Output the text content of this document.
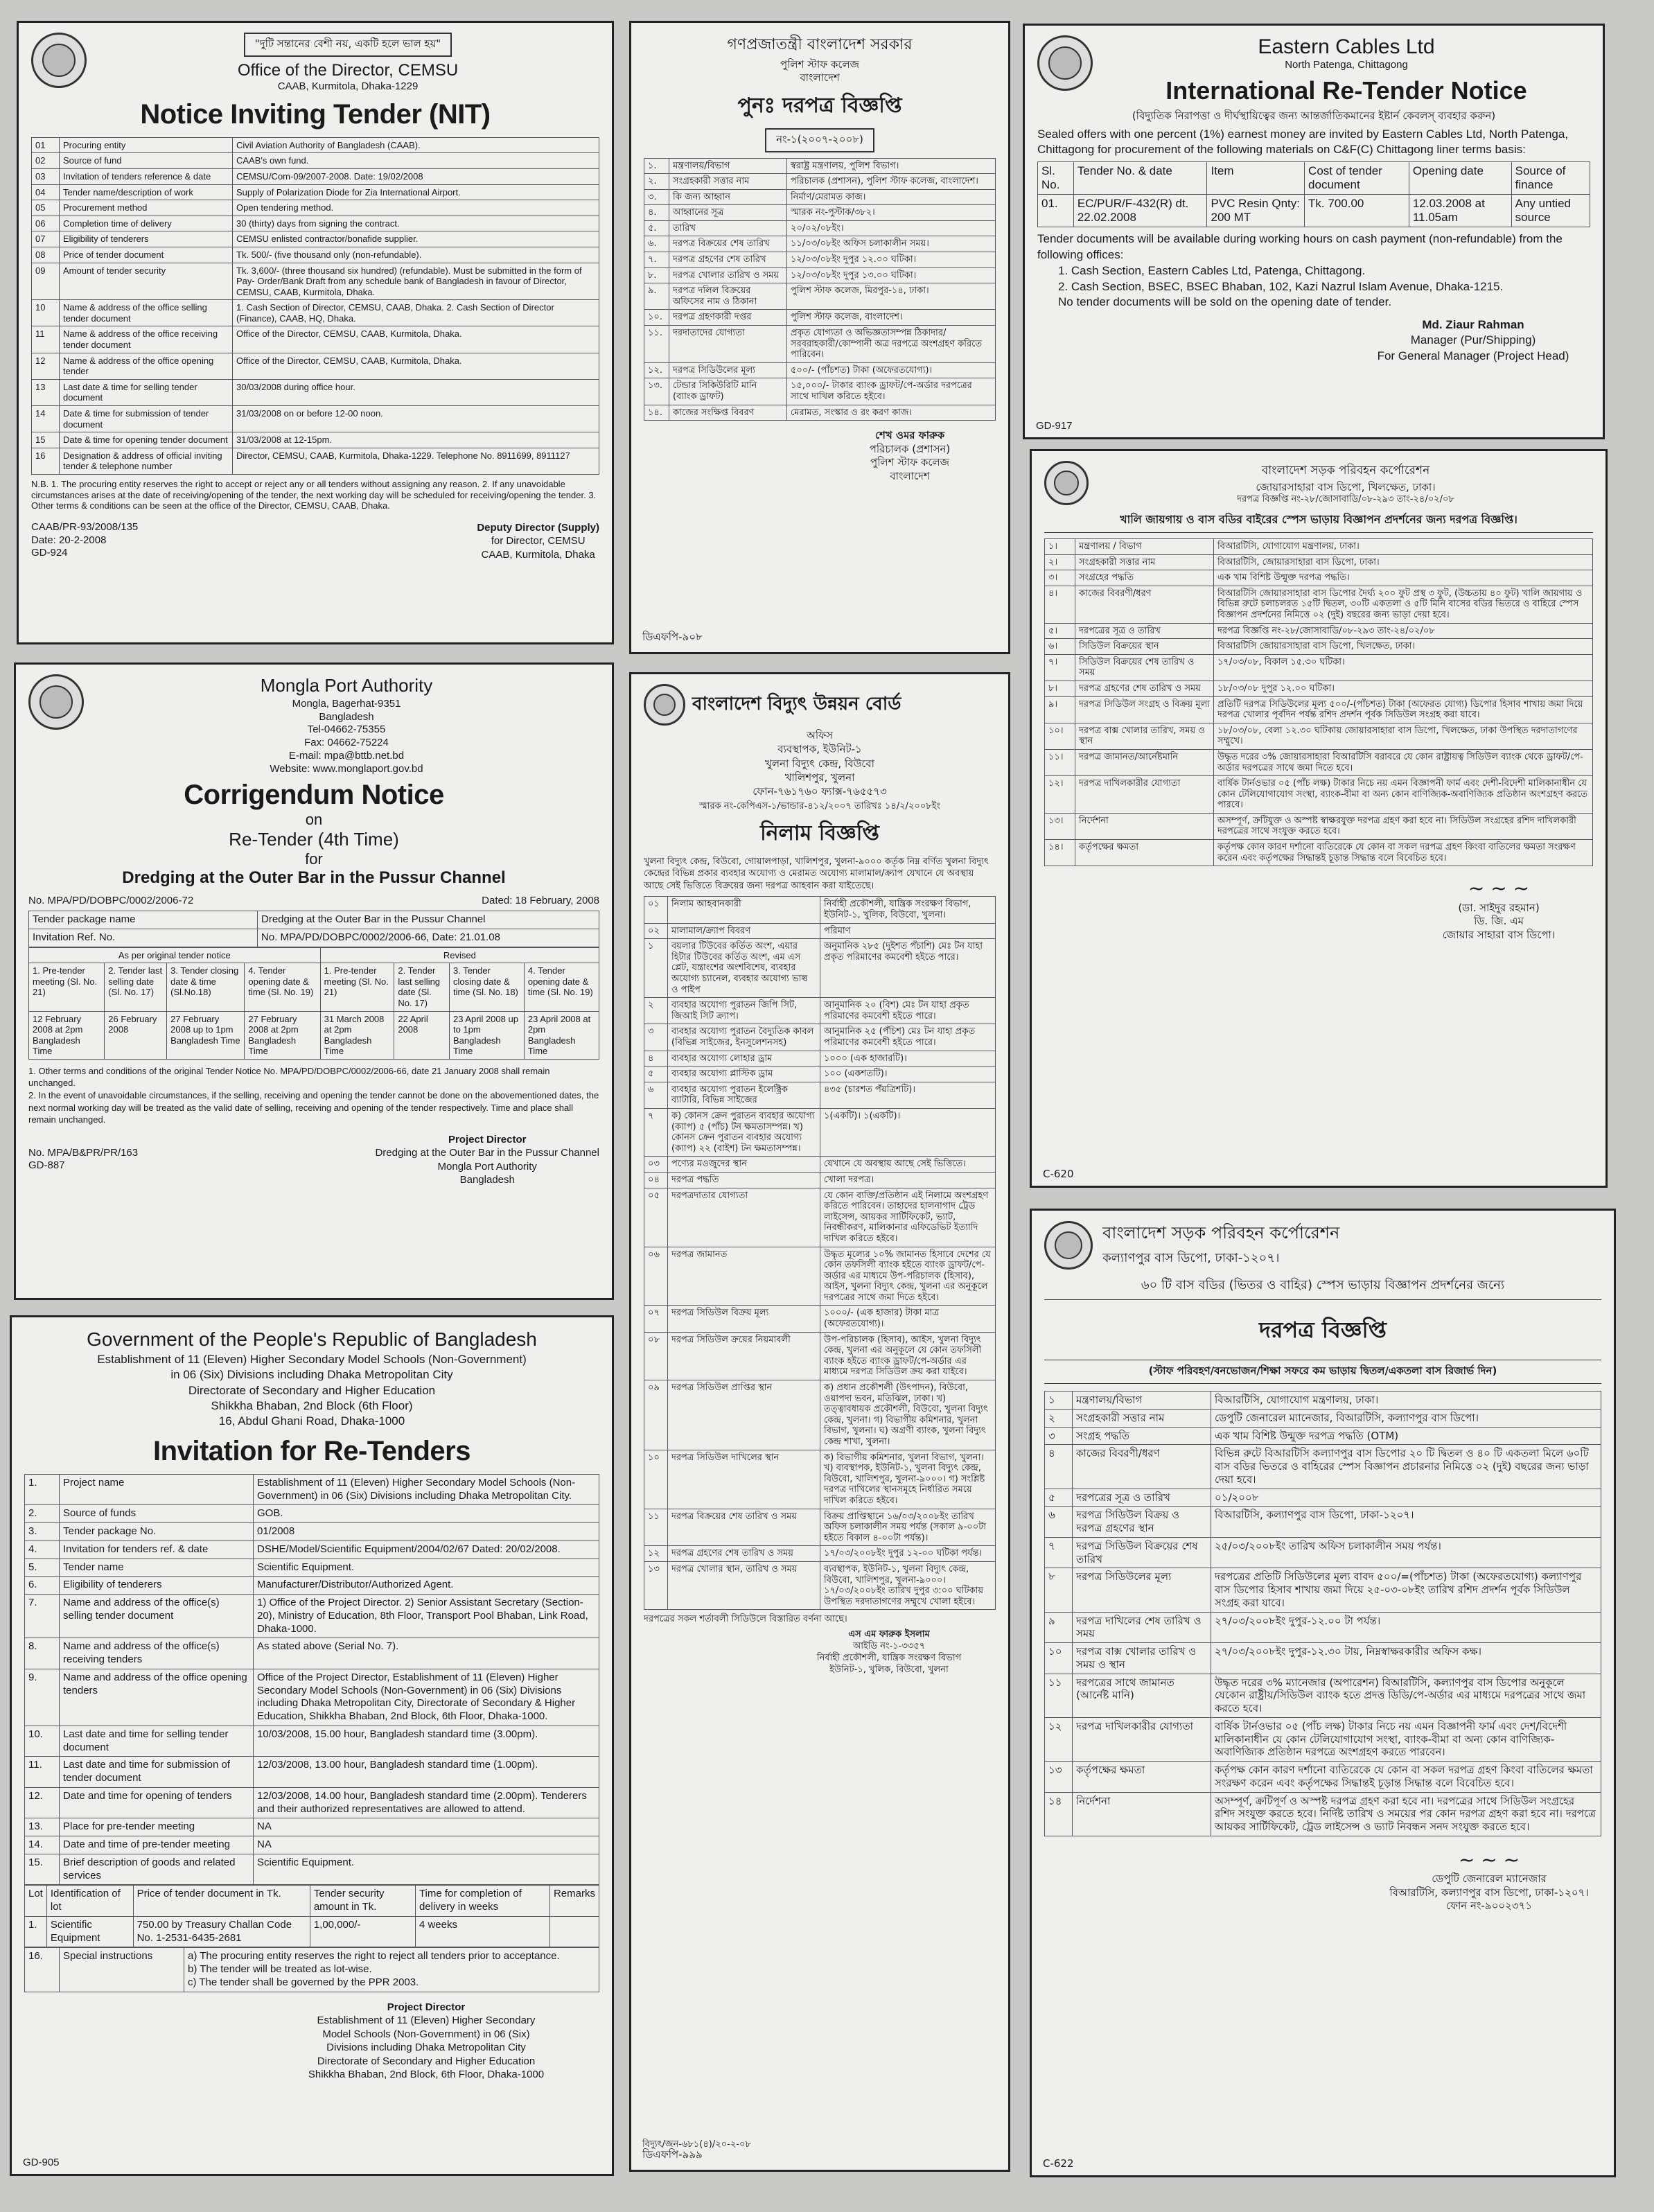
"দুটি সন্তানের বেশী নয়, একটি হলে ভাল হয়"
Office of the Director, CEMSU
CAAB, Kurmitola, Dhaka-1229
Notice Inviting Tender (NIT)
01	Procuring entity	Civil Aviation Authority of Bangladesh (CAAB).
02	Source of fund	CAAB's own fund.
03	Invitation of tenders reference & date	CEMSU/Com-09/2007-2008. Date: 19/02/2008
04	Tender name/description of work	Supply of Polarization Diode for Zia International Airport.
05	Procurement method	Open tendering method.
06	Completion time of delivery	30 (thirty) days from signing the contract.
07	Eligibility of tenderers	CEMSU enlisted contractor/bonafide supplier.
08	Price of tender document	Tk. 500/- (five thousand only (non-refundable).
09	Amount of tender security	Tk. 3,600/- (three thousand six hundred) (refundable). Must be submitted in the form of Pay- Order/Bank Draft from any schedule bank of Bangladesh in favour of Director, CEMSU, CAAB, Kurmitola, Dhaka.
10	Name & address of the office selling tender document	1. Cash Section of Director, CEMSU, CAAB, Dhaka. 2. Cash Section of Director (Finance), CAAB, HQ, Dhaka.
11	Name & address of the office receiving tender document	Office of the Director, CEMSU, CAAB, Kurmitola, Dhaka.
12	Name & address of the office opening tender	Office of the Director, CEMSU, CAAB, Kurmitola, Dhaka.
13	Last date & time for selling tender document	30/03/2008 during office hour.
14	Date & time for submission of tender document	31/03/2008 on or before 12-00 noon.
15	Date & time for opening tender document	31/03/2008 at 12-15pm.
16	Designation & address of official inviting tender & telephone number	Director, CEMSU, CAAB, Kurmitola, Dhaka-1229. Telephone No. 8911699, 8911127
N.B. 1. The procuring entity reserves the right to accept or reject any or all tenders without assigning any reason. 2. If any unavoidable circumstances arises at the date of receiving/opening of the tender, the next working day will be scheduled for receiving/opening the tender. 3. Other terms & conditions can be seen at the office of the Director, CEMSU, CAAB, Dhaka.
CAAB/PR-93/2008/135
Date: 20-2-2008
GD-924
Deputy Director (Supply)
for Director, CEMSU
CAAB, Kurmitola, Dhaka
গণপ্রজাতন্ত্রী বাংলাদেশ সরকার
পুলিশ স্টাফ কলেজ
বাংলাদেশ
পুনঃ দরপত্র বিজ্ঞপ্তি
নং-১(২০০৭-২০০৮)
১.	মন্ত্রণালয়/বিভাগ	স্বরাষ্ট্র মন্ত্রণালয়, পুলিশ বিভাগ।
২.	সংগ্রহকারী সত্তার নাম	পরিচালক (প্রশাসন), পুলিশ স্টাফ কলেজ, বাংলাদেশ।
৩.	কি জন্য আহ্বান	নির্মাণ/মেরামত কাজ।
৪.	আহ্বানের সূত্র	স্মারক নং-পুস্টাক/৩৮২।
৫.	তারিখ	২০/০২/০৮ইং।
৬.	দরপত্র বিক্রয়ের শেষ তারিখ	১১/০৩/০৮ইং অফিস চলাকালীন সময়।
৭.	দরপত্র গ্রহণের শেষ তারিখ	১২/০৩/০৮ইং দুপুর ১২.০০ ঘটিকা।
৮.	দরপত্র খোলার তারিখ ও সময়	১২/০৩/০৮ইং দুপুর ১৩.০০ ঘটিকা।
৯.	দরপত্র দলিল বিক্রয়ের অফিসের নাম ও ঠিকানা	পুলিশ স্টাফ কলেজ, মিরপুর-১৪, ঢাকা।
১০.	দরপত্র গ্রহণকারী দপ্তর	পুলিশ স্টাফ কলেজ, বাংলাদেশ।
১১.	দরদাতাদের যোগ্যতা	প্রকৃত যোগ্যতা ও অভিজ্ঞতাসম্পন্ন ঠিকাদার/সরবরাহকারী/কোম্পানী অত্র দরপত্রে অংশগ্রহণ করিতে পারিবেন।
১২.	দরপত্র সিডিউলের মূল্য	৫০০/- (পাঁচশত) টাকা (অফেরতযোগ্য)।
১৩.	টেন্ডার সিকিউরিটি মানি (ব্যাংক ড্রাফট)	১৫,০০০/- টাকার ব্যাংক ড্রাফট/পে-অর্ডার দরপত্রের সাথে দাখিল করিতে হইবে।
১৪.	কাজের সংক্ষিপ্ত বিবরণ	মেরামত, সংস্কার ও রং করণ কাজ।
শেখ ওমর ফারুক
পরিচালক (প্রশাসন)
পুলিশ স্টাফ কলেজ
বাংলাদেশ
ডিএফপি-৯০৮
Eastern Cables Ltd
North Patenga, Chittagong
International Re-Tender Notice
(বিদ্যুতিক নিরাপত্তা ও দীর্ঘস্থায়িত্বের জন্য আন্তর্জাতিকমানের ইষ্টার্ন কেবলস্ ব্যবহার করুন)
Sealed offers with one percent (1%) earnest money are invited by Eastern Cables Ltd, North Patenga, Chittagong for procurement of the following materials on C&F(C) Chittagong liner terms basis:
Sl. No.	Tender No. & date	Item	Cost of tender document	Opening date	Source of finance
01.	EC/PUR/F-432(R) dt. 22.02.2008	PVC Resin Qnty: 200 MT	Tk. 700.00	12.03.2008 at 11.05am	Any untied source
Tender documents will be available during working hours on cash payment (non-refundable) from the following offices:
1. Cash Section, Eastern Cables Ltd, Patenga, Chittagong.
2. Cash Section, BSEC, BSEC Bhaban, 102, Kazi Nazrul Islam Avenue, Dhaka-1215.
No tender documents will be sold on the opening date of tender.
Md. Ziaur Rahman
Manager (Pur/Shipping)
For General Manager (Project Head)
GD-917
বাংলাদেশ সড়ক পরিবহন কর্পোরেশন
জোয়ারসাহারা বাস ডিপো, খিলক্ষেত, ঢাকা।
দরপত্র বিজ্ঞপ্তি নং-২৮/জোসাবাডি/০৮-২৯৩ তাং-২৪/০২/০৮
খালি জায়গায় ও বাস বডির বাইরের স্পেস ভাড়ায় বিজ্ঞাপন প্রদর্শনের জন্য দরপত্র বিজ্ঞপ্তি।
১।	মন্ত্রণালয় / বিভাগ	বিআরটিসি, যোগাযোগ মন্ত্রণালয়, ঢাকা।
২।	সংগ্রহকারী সত্তার নাম	বিআরটিসি, জোয়ারসাহারা বাস ডিপো, ঢাকা।
৩।	সংগ্রহের পদ্ধতি	এক খাম বিশিষ্ট উন্মুক্ত দরপত্র পদ্ধতি।
৪।	কাজের বিবরণী/ধরণ	বিআরটিসি জোয়ারসাহারা বাস ডিপোর দৈর্ঘ্য ২০০ ফুট প্রস্থ ৩ ফুট, (উচ্চতায় ৪০ ফুট) খালি জায়গায় ও বিভিন্ন রুটে চলাচলরত ১৫টি দ্বিতল, ৩০টি একতলা ও ৫টি মিনি বাসের বডির ভিতরে ও বাহিরে স্পেস বিজ্ঞাপন প্রদর্শনের নিমিত্তে ০২ (দুই) বছরের জন্য ভাড়া দেয়া হবে।
৫।	দরপত্রের সূত্র ও তারিখ	দরপত্র বিজ্ঞপ্তি নং-২৮/জোসাবাডি/০৮-২৯৩ তাং-২৪/০২/০৮
৬।	সিডিউল বিক্রয়ের স্থান	বিআরটিসি জোয়ারসাহারা বাস ডিপো, খিলক্ষেত, ঢাকা।
৭।	সিডিউল বিক্রয়ের শেষ তারিখ ও সময়	১৭/০৩/০৮, বিকাল ১৫.৩০ ঘটিকা।
৮।	দরপত্র গ্রহণের শেষ তারিখ ও সময়	১৮/০৩/০৮ দুপুর ১২.০০ ঘটিকা।
৯।	দরপত্র সিডিউল সংগ্রহ ও বিক্রয় মূল্য	প্রতিটি দরপত্র সিডিউলের মূল্য ৫০০/-(পাঁচশত) টাকা (অফেরত যোগ্য) ডিপোর হিসাব শাখায় জমা দিয়ে দরপত্র খোলার পূর্বদিন পর্যন্ত রশিদ প্রদর্শন পূর্বক সিডিউল সংগ্রহ করা যাবে।
১০।	দরপত্র বাক্স খোলার তারিখ, সময় ও স্থান	১৮/০৩/০৮, বেলা ১২.৩০ ঘটিকায় জোয়ারসাহারা বাস ডিপো, খিলক্ষেত, ঢাকা উপস্থিত দরদাতাগণের সম্মুখে।
১১।	দরপত্র জামানত/আর্নেষ্টমানি	উদ্ধৃত দরের ৩% জোয়ারসাহারা বিআরটিসি বরাবরে যে কোন রাষ্ট্রায়ত্ব সিডিউল ব্যাংক থেকে ড্রাফট/পে-অর্ডার দরপত্রের সাথে জমা দিতে হবে।
১২।	দরপত্র দাখিলকারীর যোগ্যতা	বার্ষিক টার্নওভার ০৫ (পাঁচ লক্ষ) টাকার নিচে নয় এমন বিজ্ঞাপনী ফার্ম এবং দেশী-বিদেশী মালিকানাধীন যে কোন টেলিযোগাযোগ সংস্থা, ব্যাংক-বীমা বা অন্য কোন বাণিজ্যিক-অবাণিজ্যিক প্রতিষ্ঠান অংশগ্রহণ করতে পারবে।
১৩।	নির্দেশনা	অসম্পূর্ণ, ক্রটিযুক্ত ও অস্পষ্ট স্বাক্ষরযুক্ত দরপত্র গ্রহণ করা হবে না। সিডিউল সংগ্রহের রশিদ দাখিলকারী দরপত্রের সাথে সংযুক্ত করতে হবে।
১৪।	কর্তৃপক্ষের ক্ষমতা	কর্তৃপক্ষ কোন কারণ দর্শানো ব্যতিরেকে যে কোন বা সকল দরপত্র গ্রহণ কিংবা বাতিলের ক্ষমতা সংরক্ষণ করেন এবং কর্তৃপক্ষের সিদ্ধান্তই চূড়ান্ত সিদ্ধান্ত বলে বিবেচিত হবে।
~ ~ ~
(ডা. সাইদুর রহমান)
ডি. জি. এম
জোয়ার সাহারা বাস ডিপো।
C-620
Mongla Port Authority
Mongla, Bagerhat-9351
Bangladesh
Tel-04662-75355
Fax: 04662-75224
E-mail: mpa@bttb.net.bd
Website: www.monglaport.gov.bd
Corrigendum Notice
on
Re-Tender (4th Time)
for
Dredging at the Outer Bar in the Pussur Channel
No. MPA/PD/DOBPC/0002/2006-72	Dated: 18 February, 2008
Tender package name	Dredging at the Outer Bar in the Pussur Channel
Invitation Ref. No.	No. MPA/PD/DOBPC/0002/2006-66, Date: 21.01.08
As per original tender notice				Revised			
1. Pre-tender meeting (Sl. No. 21)	2. Tender last selling date (Sl. No. 17)	3. Tender closing date & time (Sl.No.18)	4. Tender opening date & time (Sl. No. 19)	1. Pre-tender meeting (Sl. No. 21)	2. Tender last selling date (Sl. No. 17)	3. Tender closing date & time (Sl. No. 18)	4. Tender opening date & time (Sl. No. 19)
12 February 2008 at 2pm Bangladesh Time	26 February 2008	27 February 2008 up to 1pm Bangladesh Time	27 February 2008 at 2pm Bangladesh Time	31 March 2008 at 2pm Bangladesh Time	22 April 2008	23 April 2008 up to 1pm Bangladesh Time	23 April 2008 at 2pm Bangladesh Time
1. Other terms and conditions of the original Tender Notice No. MPA/PD/DOBPC/0002/2006-66, date 21 January 2008 shall remain unchanged.
2. In the event of unavoidable circumstances, if the selling, receiving and opening the tender cannot be done on the abovementioned dates, the next normal working day will be treated as the valid date of selling, receiving and opening of the tender respectively. Time and place shall remain unchanged.
No. MPA/B&PR/PR/163
GD-887
Project Director
Dredging at the Outer Bar in the Pussur Channel
Mongla Port Authority
Bangladesh
বাংলাদেশ বিদ্যুৎ উন্নয়ন বোর্ড
অফিস
ব্যবস্থাপক, ইউনিট-১
খুলনা বিদ্যুৎ কেন্দ্র, বিউবো
খালিশপুর, খুলনা
ফোন-৭৬১৭৬০ ফ্যাক্স-৭৬৫৫৭৩
স্মারক নং-কেপিএস-১/ভান্ডার-৪১২/২০০৭ তারিখঃ ১৪/২/২০০৮ইং
নিলাম বিজ্ঞপ্তি
খুলনা বিদ্যুৎ কেন্দ্র, বিউবো, গোয়ালপাড়া, খালিশপুর, খুলনা-৯০০০ কর্তৃক নিম্ন বর্ণিত খুলনা বিদ্যুৎ কেন্দ্রের বিভিন্ন প্রকার ব্যবহার অযোগ্য ও মেরামত অযোগ্য মালামাল/ক্র্যাপ যেখানে যে অবস্থায় আছে সেই ভিত্তিতে বিক্রয়ের জন্য দরপত্র আহবান করা যাইতেছে।
০১	নিলাম আহবানকারী	নির্বাহী প্রকৌশলী, যান্ত্রিক সংরক্ষণ বিভাগ, ইউনিট-১, খুলিক, বিউবো, খুলনা।
০২	মালামাল/ক্র্যাপ বিবরণ	পরিমাণ
১	বয়লার টিউবের কর্তিত অংশ, এয়ার হিটার টিউবের কর্তিত অংশ, এম এস প্লেট, যন্ত্রাংশের অংশবিশেষ, ব্যবহার অযোগ্য চ্যানেল, ব্যবহার অযোগ্য ভাল্ব ও পাইপ	অনুমানিক ২৮৫ (দুইশত পঁচাশি) মেঃ টন যাহা প্রকৃত পরিমাণের কমবেশী হইতে পারে।
২	ব্যবহার অযোগ্য পুরাতন জিপি সিট, জিআই সিট ক্র্যাপ।	আনুমানিক ২০ (বিশ) মেঃ টন যাহা প্রকৃত পরিমাণের কমবেশী হইতে পারে।
৩	ব্যবহার অযোগ্য পুরাতন বৈদ্যুতিক কাবল (বিভিন্ন সাইজের, ইনসুলেশনসহ)	আনুমানিক ২৫ (পঁচিশ) মেঃ টন যাহা প্রকৃত পরিমাণের কমবেশী হইতে পারে।
৪	ব্যবহার অযোগ্য লোহার ড্রাম	১০০০ (এক হাজারটি)।
৫	ব্যবহার অযোগ্য প্লাস্টিক ড্রাম	১০০ (একশতটি)।
৬	ব্যবহার অযোগ্য পুরাতন ইলেক্ট্রিক ব্যাটারি, বিভিন্ন সাইজের	৪৩৫ (চারশত পঁয়ত্রিশটি)।
৭	ক) কোনস ক্রেন পুরাতন ব্যবহার অযোগ্য (ক্যাপ) ৫ (পাঁচ) টন ক্ষমতাসম্পন্ন। খ) কোনস ক্রেন পুরাতন ব্যবহার অযোগ্য (ক্যাপ) ২২ (বাইশ) টন ক্ষমতাসম্পন্ন।	১(একটি)। ১(একটি)।
০৩	পণ্যের মওজুদের স্থান	যেখানে যে অবস্থায় আছে সেই ভিত্তিতে।
০৪	দরপত্র পদ্ধতি	খোলা দরপত্র।
০৫	দরপত্রদাতার যোগ্যতা	যে কোন ব্যক্তি/প্রতিষ্ঠান এই নিলামে অংশগ্রহণ করিতে পারিবেন। তাহাদের হালনাগাদ ট্রেড লাইসেন্স, আয়কর সার্টিফিকেট, ভ্যাট, নিবন্ধীকরণ, মালিকানার এফিডেভিট ইত্যাদি দাখিল করিতে হইবে।
০৬	দরপত্র জামানত	উদ্ধৃত মূল্যের ১০% জামানত হিসাবে দেশের যে কোন তফসিলী ব্যাংক হইতে ব্যাংক ড্রাফট/পে-অর্ডার এর মাধ্যমে উপ-পরিচালক (হিসাব), আইস, খুলনা বিদ্যুৎ কেন্দ্র, খুলনা এর অনুকূলে দরপত্রের সাথে জমা দিতে হইবে।
০৭	দরপত্র সিডিউল বিক্রয় মূল্য	১০০০/- (এক হাজার) টাকা মাত্র (অফেরতযোগ্য)।
০৮	দরপত্র সিডিউল ক্রয়ের নিয়মাবলী	উপ-পরিচালক (হিসাব), আইস, খুলনা বিদ্যুৎ কেন্দ্র, খুলনা এর অনুকূলে যে কোন তফসিলী ব্যাংক হইতে ব্যাংক ড্রাফট/পে-অর্ডার এর মাধ্যমে দরপত্র সিডিউল ক্রয় করা যাইবে।
০৯	দরপত্র সিডিউল প্রাপ্তির স্থান	ক) প্রধান প্রকৌশলী (উৎপাদন), বিউবো, ওয়াপদা ভবন, মতিঝিল, ঢাকা। খ) তত্ত্বাবধায়ক প্রকৌশলী, বিউবো, খুলনা বিদ্যুৎ কেন্দ্র, খুলনা। গ) বিভাগীয় কমিশনার, খুলনা বিভাগ, খুলনা। ঘ) অগ্রণী ব্যাংক, খুলনা বিদ্যুৎ কেন্দ্র শাখা, খুলনা।
১০	দরপত্র সিডিউল দাখিলের স্থান	ক) বিভাগীয় কমিশনার, খুলনা বিভাগ, খুলনা। খ) ব্যবস্থাপক, ইউনিট-১, খুলনা বিদ্যুৎ কেন্দ্র, বিউবো, খালিশপুর, খুলনা-৯০০০। গ) সংশ্লিষ্ট দরপত্র দাখিলের স্থানসমূহে নির্ধারিত সময়ে দাখিল করিতে হইবে।
১১	দরপত্র বিক্রয়ের শেষ তারিখ ও সময়	বিক্রয় প্রাপ্তিস্থানে ১৬/০৩/২০০৮ইং তারিখ অফিস চলাকালীন সময় পর্যন্ত (সকাল ৯-০০টা হইতে বিকাল ৪-০০টা পর্যন্ত)।
১২	দরপত্র গ্রহণের শেষ তারিখ ও সময়	১৭/০৩/২০০৮ইং দুপুর ১২-০০ ঘটিকা পর্যন্ত।
১৩	দরপত্র খোলার স্থান, তারিখ ও সময়	ব্যবস্থাপক, ইউনিট-১, খুলনা বিদ্যুৎ কেন্দ্র, বিউবো, খালিশপুর, খুলনা-৯০০০। ১৭/০৩/২০০৮ইং তারিখ দুপুর ৩:০০ ঘটিকায় উপস্থিত দরদাতাগণের সম্মুখে খোলা হইবে।
দরপত্রের সকল শর্তাবলী সিডিউলে বিস্তারিত বর্ণনা আছে।
এস এম ফারুক ইসলাম
আইডি নং-১-৩৩৫৭
নির্বাহী প্রকৌশলী, যান্ত্রিক সংরক্ষণ বিভাগ
ইউনিট-১, খুলিক, বিউবো, খুলনা
বিদ্যুৎ/জন-৬৮১(৪)/২০-২-০৮
ডিএফপি-৯৯৯
Government of the People's Republic of Bangladesh
Establishment of 11 (Eleven) Higher Secondary Model Schools (Non-Government)
in 06 (Six) Divisions including Dhaka Metropolitan City
Directorate of Secondary and Higher Education
Shikkha Bhaban, 2nd Block (6th Floor)
16, Abdul Ghani Road, Dhaka-1000
Invitation for Re-Tenders
1.	Project name	Establishment of 11 (Eleven) Higher Secondary Model Schools (Non-Government) in 06 (Six) Divisions including Dhaka Metropolitan City.
2.	Source of funds	GOB.
3.	Tender package No.	01/2008
4.	Invitation for tenders ref. & date	DSHE/Model/Scientific Equipment/2004/02/67 Dated: 20/02/2008.
5.	Tender name	Scientific Equipment.
6.	Eligibility of tenderers	Manufacturer/Distributor/Authorized Agent.
7.	Name and address of the office(s) selling tender document	1) Office of the Project Director. 2) Senior Assistant Secretary (Section-20), Ministry of Education, 8th Floor, Transport Pool Bhaban, Link Road, Dhaka-1000.
8.	Name and address of the office(s) receiving tenders	As stated above (Serial No. 7).
9.	Name and address of the office opening tenders	Office of the Project Director, Establishment of 11 (Eleven) Higher Secondary Model Schools (Non-Government) in 06 (Six) Divisions including Dhaka Metropolitan City, Directorate of Secondary & Higher Education, Shikkha Bhaban, 2nd Block, 6th Floor, Dhaka-1000.
10.	Last date and time for selling tender document	10/03/2008, 15.00 hour, Bangladesh standard time (3.00pm).
11.	Last date and time for submission of tender document	12/03/2008, 13.00 hour, Bangladesh standard time (1.00pm).
12.	Date and time for opening of tenders	12/03/2008, 14.00 hour, Bangladesh standard time (2.00pm). Tenderers and their authorized representatives are allowed to attend.
13.	Place for pre-tender meeting	NA
14.	Date and time of pre-tender meeting	NA
15.	Brief description of goods and related services	Scientific Equipment.
Lot	Identification of lot	Price of tender document in Tk.	Tender security amount in Tk.	Time for completion of delivery in weeks	Remarks
1.	Scientific Equipment	750.00 by Treasury Challan Code No. 1-2531-6435-2681	1,00,000/-	4 weeks	
16.	Special instructions	a) The procuring entity reserves the right to reject all tenders prior to acceptance.
b) The tender will be treated as lot-wise.
c) The tender shall be governed by the PPR 2003.
Project Director
Establishment of 11 (Eleven) Higher Secondary
Model Schools (Non-Government) in 06 (Six)
Divisions including Dhaka Metropolitan City
Directorate of Secondary and Higher Education
Shikkha Bhaban, 2nd Block, 6th Floor, Dhaka-1000
GD-905
বাংলাদেশ সড়ক পরিবহন কর্পোরেশন
কল্যাণপুর বাস ডিপো, ঢাকা-১২০৭।
৬০ টি বাস বডির (ভিতর ও বাহির) স্পেস ভাড়ায় বিজ্ঞাপন প্রদর্শনের জন্যে
দরপত্র বিজ্ঞপ্তি
(স্টাফ পরিবহণ/বনভোজন/শিক্ষা সফরে কম ভাড়ায় দ্বিতল/একতলা বাস রিজার্ভ দিন)
১	মন্ত্রণালয়/বিভাগ	বিআরটিসি, যোগাযোগ মন্ত্রণালয়, ঢাকা।
২	সংগ্রহকারী সত্তার নাম	ডেপুটি জেনারেল ম্যানেজার, বিআরটিসি, কল্যাণপুর বাস ডিপো।
৩	সংগ্রহ পদ্ধতি	এক খাম বিশিষ্ট উন্মুক্ত দরপত্র পদ্ধতি (OTM)
৪	কাজের বিবরণী/ধরণ	বিভিন্ন রুটে বিআরটিসি কল্যাণপুর বাস ডিপোর ২০ টি দ্বিতল ও ৪০ টি একতলা মিলে ৬০টি বাস বডির ভিতরে ও বাহিরের স্পেস বিজ্ঞাপন প্রচারনার নিমিত্তে ০২ (দুই) বছরের জন্য ভাড়া দেয়া হবে।
৫	দরপত্রের সূত্র ও তারিখ	০১/২০০৮
৬	দরপত্র সিডিউল বিক্রয় ও দরপত্র গ্রহণের স্থান	বিআরটিসি, কল্যাণপুর বাস ডিপো, ঢাকা-১২০৭।
৭	দরপত্র সিডিউল বিক্রয়ের শেষ তারিখ	২৫/০৩/২০০৮ইং তারিখ অফিস চলাকালীন সময় পর্যন্ত।
৮	দরপত্র সিডিউলের মূল্য	দরপত্রের প্রতিটি সিডিউলের মূল্য বাবদ ৫০০/=(পাঁচশত) টাকা (অফেরতযোগ্য) কল্যাণপুর বাস ডিপোর হিসাব শাখায় জমা দিয়ে ২৫-০৩-০৮ইং তারিখ রশিদ প্রদর্শন পূর্বক সিডিউল সংগ্রহ করা যাবে।
৯	দরপত্র দাখিলের শেষ তারিখ ও সময়	২৭/০৩/২০০৮ইং দুপুর-১২.০০ টা পর্যন্ত।
১০	দরপত্র বাক্স খোলার তারিখ ও সময় ও স্থান	২৭/০৩/২০০৮ইং দুপুর-১২.৩০ টায়, নিম্নস্বাক্ষরকারীর অফিস কক্ষ।
১১	দরপত্রের সাথে জামানত (আর্নেষ্ট মানি)	উদ্ধৃত দরের ৩% ম্যানেজার (অপারেশন) বিআরটিসি, কল্যাণপুর বাস ডিপোর অনুকূলে যেকোন রাষ্ট্রীয়/সিডিউল ব্যাংক হতে প্রদত্ত ডিডি/পে-অর্ডার এর মাধ্যমে দরপত্রের সাথে জমা করতে হবে।
১২	দরপত্র দাখিলকারীর যোগ্যতা	বার্ষিক টার্নওভার ০৫ (পাঁচ লক্ষ) টাকার নিচে নয় এমন বিজ্ঞাপনী ফার্ম এবং দেশ/বিদেশী মালিকানাধীন যে কোন টেলিযোগাযোগ সংস্থা, ব্যাংক-বীমা বা অন্য কোন বাণিজ্যিক-অবাণিজ্যিক প্রতিষ্ঠান দরপত্রে অংশগ্রহণ করতে পারবেন।
১৩	কর্তৃপক্ষের ক্ষমতা	কর্তৃপক্ষ কোন কারণ দর্শানো ব্যতিরেকে যে কোন বা সকল দরপত্র গ্রহণ কিংবা বাতিলের ক্ষমতা সংরক্ষণ করেন এবং কর্তৃপক্ষের সিদ্ধান্তই চূড়ান্ত সিদ্ধান্ত বলে বিবেচিত হবে।
১৪	নির্দেশনা	অসম্পূর্ণ, ক্রটিপূর্ণ ও অস্পষ্ট দরপত্র গ্রহণ করা হবে না। দরপত্রের সাথে সিডিউল সংগ্রহের রশিদ সংযুক্ত করতে হবে। নির্দিষ্ট তারিখ ও সময়ের পর কোন দরপত্র গ্রহণ করা হবে না। দরপত্রে আয়কর সার্টিফিকেট, ট্রেড লাইসেন্স ও ভ্যাট নিবন্ধন সনদ সংযুক্ত করতে হবে।
~ ~ ~
ডেপুটি জেনারেল ম্যানেজার
বিআরটিসি, কল্যাণপুর বাস ডিপো, ঢাকা-১২০৭।
ফোন নং-৯০০২৩৭১
C-622
